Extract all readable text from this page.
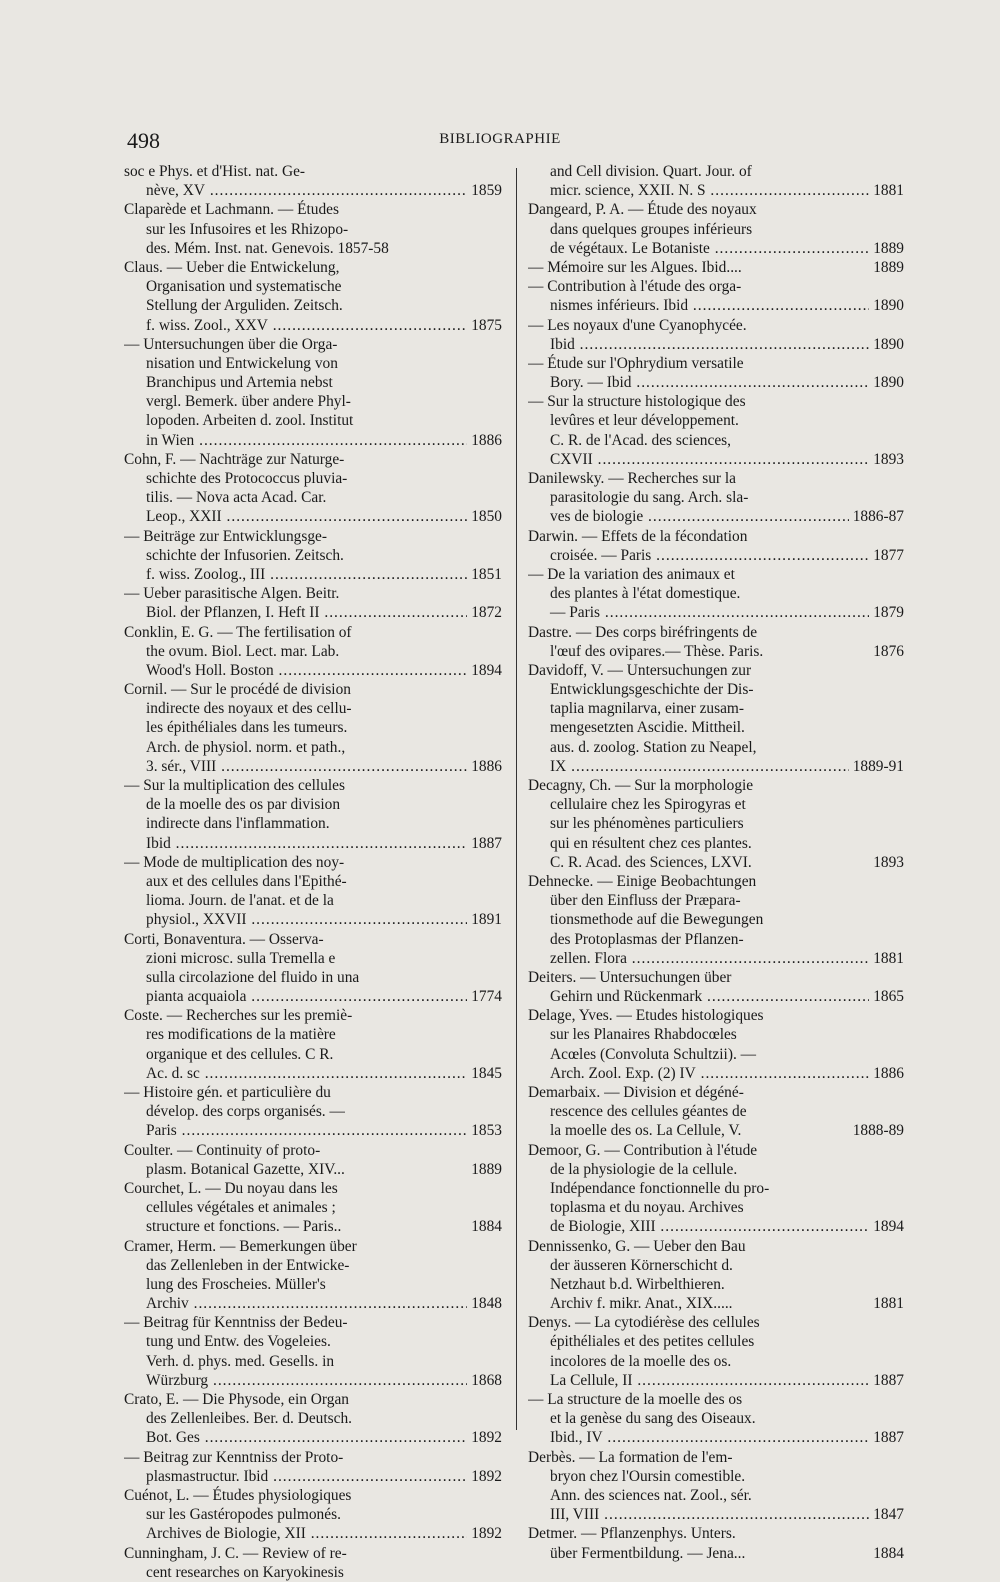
498	BIBLIOGRAPHIE
soc e Phys. et d'Hist. nat. Ge-
nève, XV .....	1859
Claparède et Lachmann. — Études
sur les Infusoires et les Rhizopo-
des. Mém. Inst. nat. Genevois. 1857-58
Claus. — Ueber die Entwickelung,
Organisation und systematische
Stellung der Arguliden. Zeitsch.
f. wiss. Zool., XXV .....	1875
— Untersuchungen über die Orga-
nisation und Entwickelung von
Branchipus und Artemia nebst
vergl. Bemerk. über andere Phyl-
lopoden. Arbeiten d. zool. Institut
in Wien .....	1886
Cohn, F. — Nachträge zur Naturge-
schichte des Protococcus pluvia-
tilis. — Nova acta Acad. Car.
Leop., XXII .....	1850
— Beiträge zur Entwicklungsge-
schichte der Infusorien. Zeitsch.
f. wiss. Zoolog., III .....	1851
— Ueber parasitische Algen. Beitr.
Biol. der Pflanzen, I. Heft II .....	1872
Conklin, E. G. — The fertilisation of
the ovum. Biol. Lect. mar. Lab.
Wood's Holl. Boston .....	1894
Cornil. — Sur le procédé de division
indirecte des noyaux et des cellu-
les épithéliales dans les tumeurs.
Arch. de physiol. norm. et path.,
3. sér., VIII .....	1886
— Sur la multiplication des cellules
de la moelle des os par division
indirecte dans l'inflammation.
Ibid .....	1887
— Mode de multiplication des noy-
aux et des cellules dans l'Epithé-
lioma. Journ. de l'anat. et de la
physiol., XXVII .....	1891
Corti, Bonaventura. — Osserva-
zioni microsc. sulla Tremella e
sulla circolazione del fluido in una
pianta acquaiola .....	1774
Coste. — Recherches sur les premiè-
res modifications de la matière
organique et des cellules. C R.
Ac. d. sc .....	1845
— Histoire gén. et particulière du
dévelop. des corps organisés. —
Paris .....	1853
Coulter. — Continuity of proto-
plasm. Botanical Gazette, XIV...	1889
Courchet, L. — Du noyau dans les
cellules végétales et animales ;
structure et fonctions. — Paris..	1884
Cramer, Herm. — Bemerkungen über
das Zellenleben in der Entwicke-
lung des Froscheies. Müller's
Archiv .....	1848
— Beitrag für Kenntniss der Bedeu-
tung und Entw. des Vogeleies.
Verh. d. phys. med. Gesells. in
Würzburg .....	1868
Crato, E. — Die Physode, ein Organ
des Zellenleibes. Ber. d. Deutsch.
Bot. Ges .....	1892
— Beitrag zur Kenntniss der Proto-
plasmastructur. Ibid .....	1892
Cuénot, L. — Études physiologiques
sur les Gastéropodes pulmonés.
Archives de Biologie, XII .....	1892
Cunningham, J. C. — Review of re-
cent researches on Karyokinesis
and Cell division. Quart. Jour. of
micr. science, XXII. N. S .....	1881
Dangeard, P. A. — Étude des noyaux
dans quelques groupes inférieurs
de végétaux. Le Botaniste .....	1889
— Mémoire sur les Algues. Ibid....	1889
— Contribution à l'étude des orga-
nismes inférieurs. Ibid .....	1890
— Les noyaux d'une Cyanophycée.
Ibid .....	1890
— Étude sur l'Ophrydium versatile
Bory. — Ibid .....	1890
— Sur la structure histologique des
levûres et leur développement.
C. R. de l'Acad. des sciences,
CXVII .....	1893
Danilewsky. — Recherches sur la
parasitologie du sang. Arch. sla-
ves de biologie .....	1886-87
Darwin. — Effets de la fécondation
croisée. — Paris .....	1877
— De la variation des animaux et
des plantes à l'état domestique.
— Paris .....	1879
Dastre. — Des corps biréfringents de
l'œuf des ovipares.— Thèse. Paris.	1876
Davidoff, V. — Untersuchungen zur
Entwicklungsgeschichte der Dis-
taplia magnilarva, einer zusam-
mengesetzten Ascidie. Mittheil.
aus. d. zoolog. Station zu Neapel,
IX .....	1889-91
Decagny, Ch. — Sur la morphologie
cellulaire chez les Spirogyras et
sur les phénomènes particuliers
qui en résultent chez ces plantes.
C. R. Acad. des Sciences, LXVI.	1893
Dehnecke. — Einige Beobachtungen
über den Einfluss der Præpara-
tionsmethode auf die Bewegungen
des Protoplasmas der Pflanzen-
zellen. Flora .....	1881
Deiters. — Untersuchungen über
Gehirn und Rückenmark .....	1865
Delage, Yves. — Etudes histologiques
sur les Planaires Rhabdocœles
Acœles (Convoluta Schultzii). —
Arch. Zool. Exp. (2) IV .....	1886
Demarbaix. — Division et dégéné-
rescence des cellules géantes de
la moelle des os. La Cellule, V.	1888-89
Demoor, G. — Contribution à l'étude
de la physiologie de la cellule.
Indépendance fonctionnelle du pro-
toplasma et du noyau. Archives
de Biologie, XIII .....	1894
Dennissenko, G. — Ueber den Bau
der äusseren Körnerschicht d.
Netzhaut b.d. Wirbelthieren.
Archiv f. mikr. Anat., XIX.....	1881
Denys. — La cytodiérèse des cellules
épithéliales et des petites cellules
incolores de la moelle des os.
La Cellule, II .....	1887
— La structure de la moelle des os
et la genèse du sang des Oiseaux.
Ibid., IV .....	1887
Derbès. — La formation de l'em-
bryon chez l'Oursin comestible.
Ann. des sciences nat. Zool., sér.
III, VIII .....	1847
Detmer. — Pflanzenphys. Unters.
über Fermentbildung. — Jena...	1884
